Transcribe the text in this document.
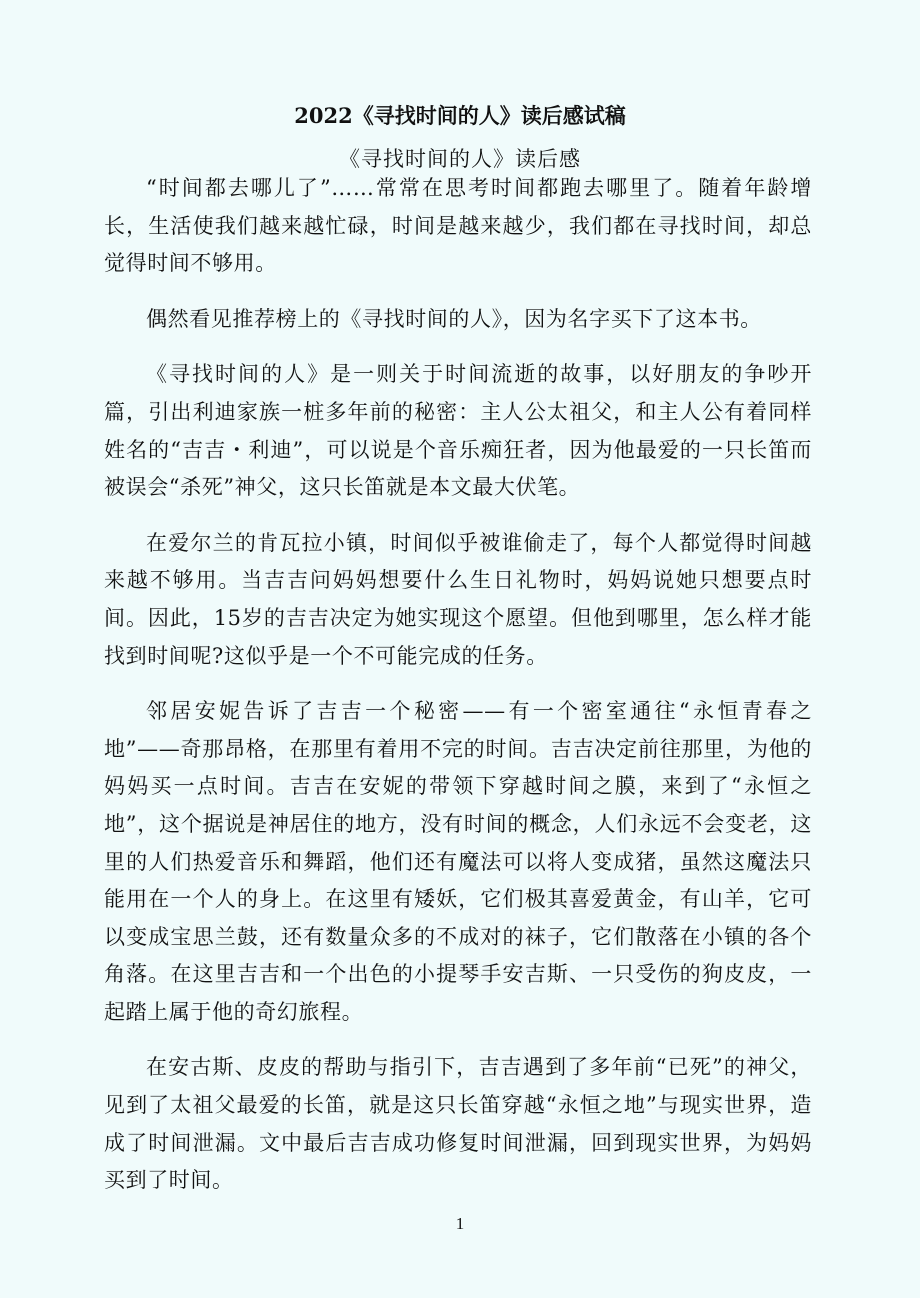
2022《寻找时间的人》读后感试稿
《寻找时间的人》读后感

“时间都去哪儿了”……常常在思考时间都跑去哪里了。随着年龄增长，生活使我们越来越忙碌，时间是越来越少，我们都在寻找时间，却总觉得时间不够用。

偶然看见推荐榜上的《寻找时间的人》，因为名字买下了这本书。

《寻找时间的人》是一则关于时间流逝的故事，以好朋友的争吵开篇，引出利迪家族一桩多年前的秘密：主人公太祖父，和主人公有着同样姓名的“吉吉・利迪”，可以说是个音乐痴狂者，因为他最爱的一只长笛而被误会“杀死”神父，这只长笛就是本文最大伏笔。

在爱尔兰的肯瓦拉小镇，时间似乎被谁偷走了，每个人都觉得时间越来越不够用。当吉吉问妈妈想要什么生日礼物时，妈妈说她只想要点时间。因此，15岁的吉吉决定为她实现这个愿望。但他到哪里，怎么样才能找到时间呢?这似乎是一个不可能完成的任务。

邻居安妮告诉了吉吉一个秘密——有一个密室通往“永恒青春之地”——奇那昂格，在那里有着用不完的时间。吉吉决定前往那里，为他的妈妈买一点时间。吉吉在安妮的带领下穿越时间之膜，来到了“永恒之地”，这个据说是神居住的地方，没有时间的概念，人们永远不会变老，这里的人们热爱音乐和舞蹈，他们还有魔法可以将人变成猪，虽然这魔法只能用在一个人的身上。在这里有矮妖，它们极其喜爱黄金，有山羊，它可以变成宝思兰鼓，还有数量众多的不成对的袜子，它们散落在小镇的各个角落。在这里吉吉和一个出色的小提琴手安吉斯、一只受伤的狗皮皮，一起踏上属于他的奇幻旅程。

在安古斯、皮皮的帮助与指引下，吉吉遇到了多年前“已死”的神父，见到了太祖父最爱的长笛，就是这只长笛穿越“永恒之地”与现实世界，造成了时间泄漏。文中最后吉吉成功修复时间泄漏，回到现实世界，为妈妈买到了时间。

1
